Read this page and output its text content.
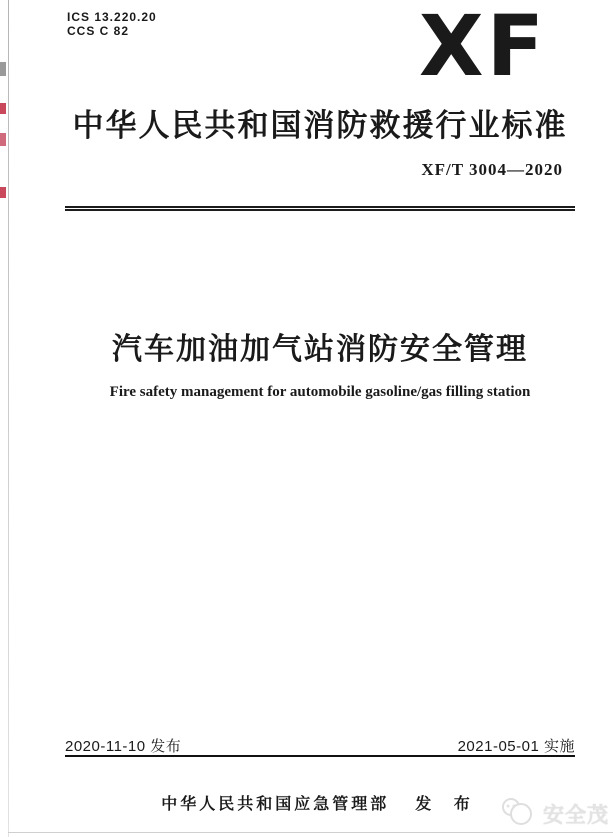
ICS 13.220.20
CCS C 82	XF
中华人民共和国消防救援行业标准
XF/T 3004—2020
汽车加油加气站消防安全管理
Fire safety management for automobile gasoline/gas filling station
2020-11-10 发布	2021-05-01 实施
中华人民共和国应急管理部 发 布	安全茂
